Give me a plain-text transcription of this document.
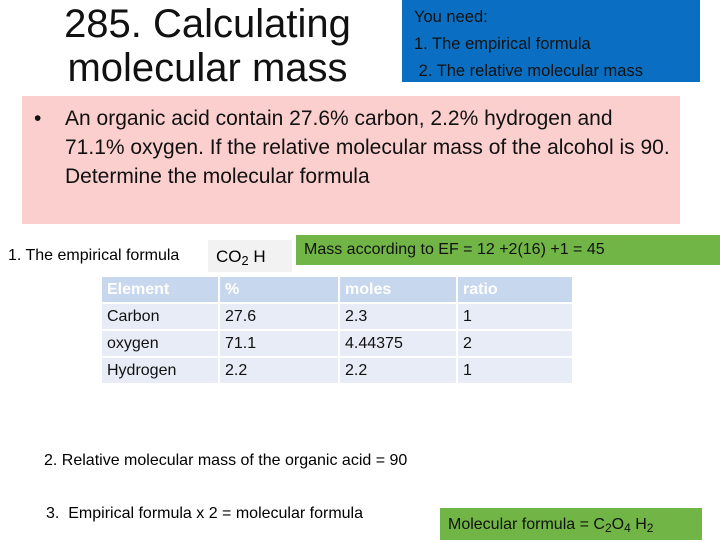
285. Calculating
molecular mass
You need:
1. The empirical formula
2. The relative molecular mass
• An organic acid contain 27.6% carbon, 2.2% hydrogen and 71.1% oxygen. If the relative molecular mass of the alcohol is 90. Determine the molecular formula
1. The empirical formula	$CO_2$ H	Mass according to EF = 12 +2(16) +1 = 45
Element	%	moles	ratio
Carbon	27.6	2.3	1
oxygen	71.1	4.44375	2
Hydrogen	2.2	2.2	1
2. Relative molecular mass of the organic acid = 90
3.  Empirical formula x 2 = molecular formula
Molecular formula = $C_2O_4$ $H_2$
